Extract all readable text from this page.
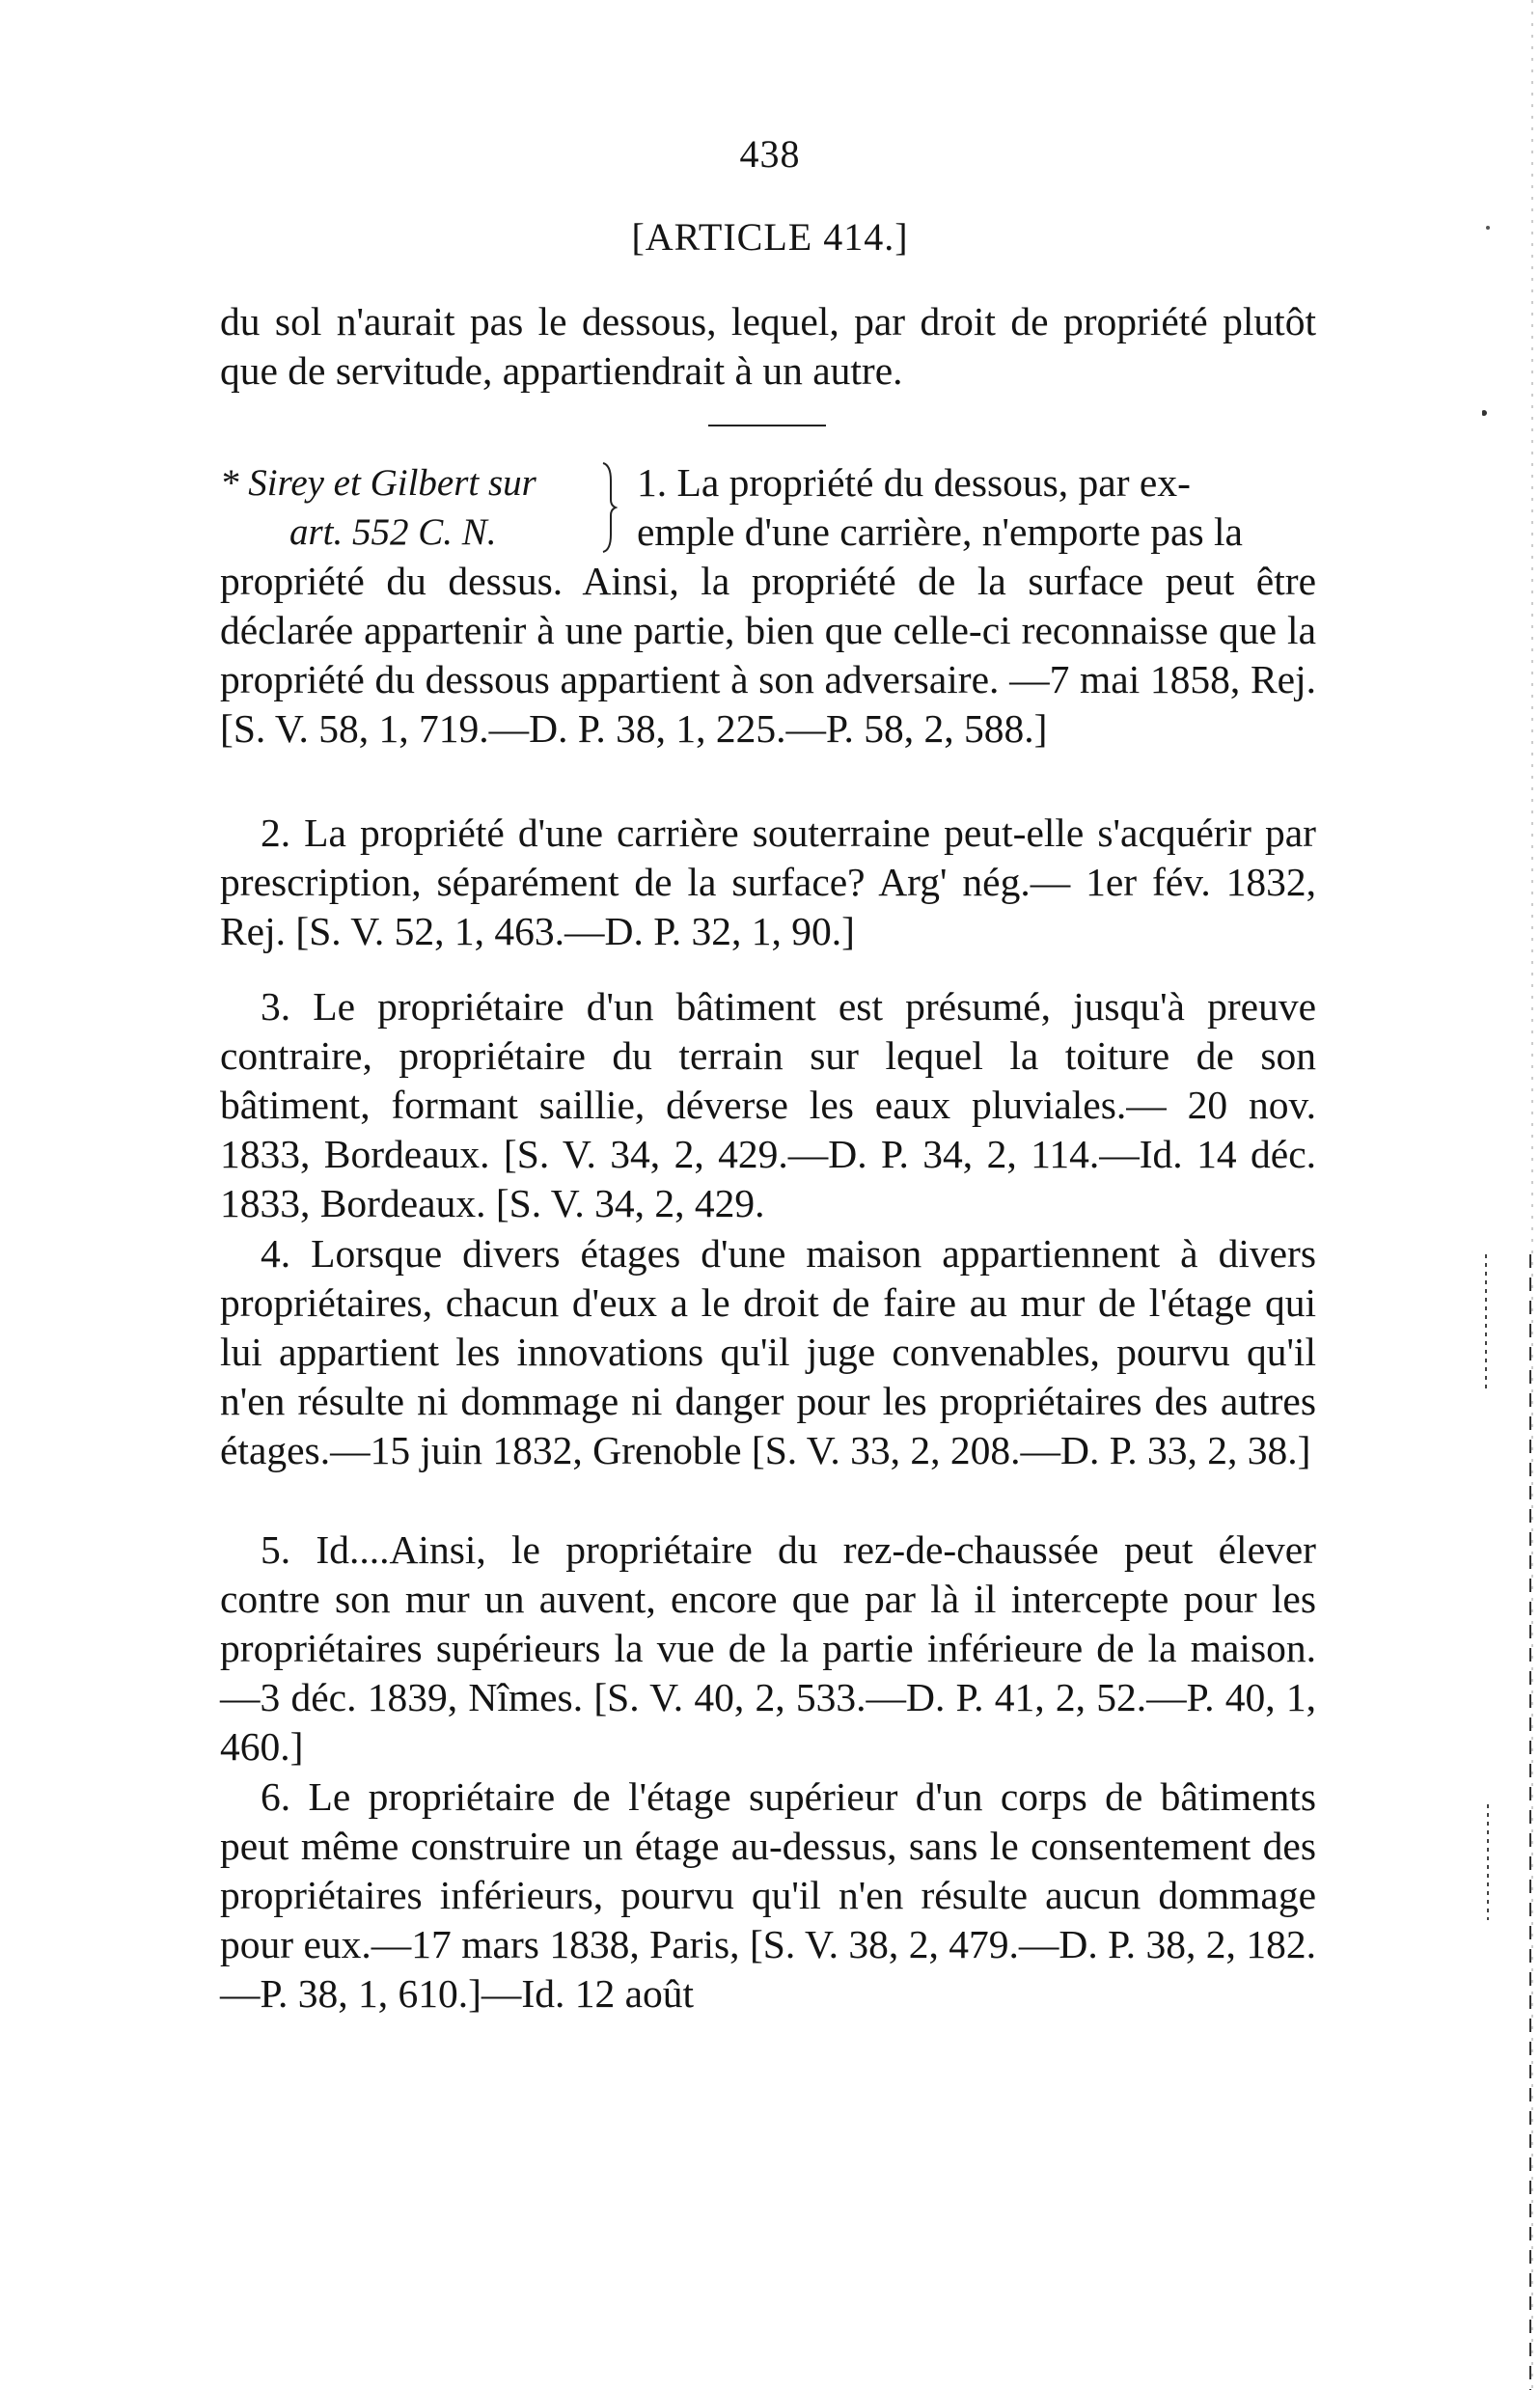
438
[ARTICLE 414.]
du sol n'aurait pas le dessous, lequel, par droit de propriété plutôt que de servitude, appartiendrait à un autre.
* Sirey et Gilbert sur
art. 552 C. N.
1. La propriété du dessous, par ex-
emple d'une carrière, n'emporte pas la
propriété du dessus. Ainsi, la propriété de la surface peut être déclarée appartenir à une partie, bien que celle-ci reconnaisse que la propriété du dessous appartient à son adversaire. —7 mai 1858, Rej. [S. V. 58, 1, 719.—D. P. 38, 1, 225.—P. 58, 2, 588.]
2. La propriété d'une carrière souterraine peut-elle s'acquérir par prescription, séparément de la surface? Arg' nég.— 1er fév. 1832, Rej. [S. V. 52, 1, 463.—D. P. 32, 1, 90.]
3. Le propriétaire d'un bâtiment est présumé, jusqu'à preuve contraire, propriétaire du terrain sur lequel la toiture de son bâtiment, formant saillie, déverse les eaux pluviales.— 20 nov. 1833, Bordeaux. [S. V. 34, 2, 429.—D. P. 34, 2, 114.—Id. 14 déc. 1833, Bordeaux. [S. V. 34, 2, 429.
4. Lorsque divers étages d'une maison appartiennent à divers propriétaires, chacun d'eux a le droit de faire au mur de l'étage qui lui appartient les innovations qu'il juge convenables, pourvu qu'il n'en résulte ni dommage ni danger pour les propriétaires des autres étages.—15 juin 1832, Grenoble [S. V. 33, 2, 208.—D. P. 33, 2, 38.]
5. Id....Ainsi, le propriétaire du rez-de-chaussée peut élever contre son mur un auvent, encore que par là il intercepte pour les propriétaires supérieurs la vue de la partie inférieure de la maison.—3 déc. 1839, Nîmes. [S. V. 40, 2, 533.—D. P. 41, 2, 52.—P. 40, 1, 460.]
6. Le propriétaire de l'étage supérieur d'un corps de bâtiments peut même construire un étage au-dessus, sans le consentement des propriétaires inférieurs, pourvu qu'il n'en résulte aucun dommage pour eux.—17 mars 1838, Paris, [S. V. 38, 2, 479.—D. P. 38, 2, 182.—P. 38, 1, 610.]—Id. 12 août
